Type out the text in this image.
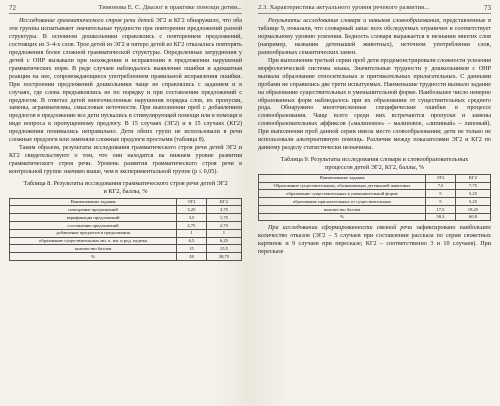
72	Тимонова Е. С. Диалог в практике помощи детям...

Исследование грамматического строя речи детей ЭГ2 и КГ2 обнаружило, что оба эти группы испытывают значительные трудности при повторении предложений разной структуры. В основном дошкольники справлялись с повторением предложений, состоящих из 3–4-х слов. Трое детей из ЭГ2 и пятеро детей из КГ2 отказались повторять предложения более сложной грамматической структуры. Определенные затруднения у детей с ОНР вызывали при нахождении и исправлении в предложении нарушений грамматических норм. В ряде случаев наблюдалось выявление ошибки и адекватная реакция на нее, сопровождающиеся употреблением правильной исправления ошибки. При построении предложений дошкольники чаще не справлялись с заданием и в случаях, где слова предъявлялись не по порядку и при составлении предложений с предлогом. В ответах детей многочисленные нарушения порядка слов, их пропуски, замены, аграмматизмы, смысловые неточности. При выполнении проб с добавлением предлогов в предложение все дети пускались в стимулирующей помощи или в помощи в виде вопроса к пропущенному предлогу. В 15 случаях (ЭГ2) и в 15 случаях (КГ2) предложения понимались неправильно. Дети обеих групп не использовали в речи сложные предлоги или заменяли сложные предлоги простыми (таблица 8).

Таким образом, результаты исследования грамматического строя речи детей ЭГ2 и КГ2 свидетельствуют о том, что они находятся на нижнем уровне развития грамматического строя речи. Уровень развития грамматического строя речи в контрольной группе значимо выше, чем в экспериментальной группе (p ≤ 0,05).

Таблица 8. Результаты исследования грамматического строя речи детей ЭГ2 и КГ2, баллы, %
Наименование задания	ЭГ2	КГ2
повторение предложений	3,25	3,75
верификация предложений	3,5	1,75
составление предложений	2,75	2,75
добавление предлогов в предложения	1	1
образование существительных мн. ч. им. и род. падежа	6,5	6,25
количество баллов	15	15,5
%	38	38,75
2.3. Характеристика актуального уровня речевого развития...	73

Результаты исследования словаря и навыков словообразования, представленные в таблице 9, показали, что словарный запас всех обследуемых ограничен и соответствует нормальному уровню усвоения. Бедность словаря выражается в незнании многих слов (например, названия детенышей животных), неточном употреблении слов, разнообразных семантических замен.

При выполнении третьей серии проб дети продемонстрировали сложности усвоения морфологической системы языка. Значительные трудности у дошкольников с ОНР вызвали образование относительных и притяжательных прилагательных. С данными пробами не справились две трети испытуемых. Наименьшие трудности вызвало задание на образование существительных в уменьшительной форме. Наибольшее число неверно образованных форм наблюдалось при их образовании от существительных среднего рода. Обнаружено многочисленные специфические ошибки в процессе словообразования. Чаще всего среди них встречаются пропуски и замены словообразовательных аффиксов («малиновое» – малиновое, «липиный» – липовый). При выполнении проб данной серии имела место словообразования; дети не только не использовали альтернативную помощь. Различия между показателями ЭГ2 и КГ2 по данному разделу статистически незначимы.

Таблица 9. Результаты исследования словаря и словообразовательных процессов детей ЭГ2, КГ2, баллы, %
Наименование задания	ЭГ2	КГ2
Образование существительных, обозначающих детенышей животных	7,5	7,75
образование существительных в уменьшительной форме	5	5,25
образование прилагательных от существительных	5	5,25
количество баллов	17,5	18,25
%	58,3	60,8

При исследовании сформированности связной речи зафиксировано наибольшее количество отказов (ЭГ2 – 5 случаев при составлении рассказа по серии сюжетных картинок и 9 случаев при пересказе; КГ2 – соответственно 3 и 10 случаев). При пересказе
